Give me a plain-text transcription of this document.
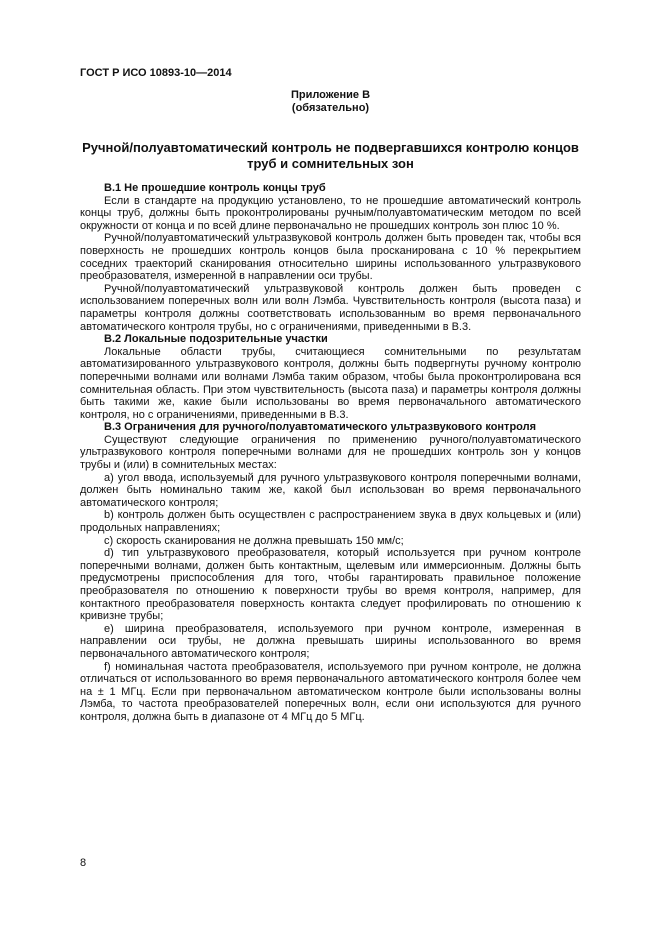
ГОСТ Р ИСО 10893-10—2014
Приложение В
(обязательно)
Ручной/полуавтоматический контроль не подвергавшихся контролю концов труб и сомнительных зон
В.1 Не прошедшие контроль концы труб

Если в стандарте на продукцию установлено, то не прошедшие автоматический контроль концы труб, должны быть проконтролированы ручным/полуавтоматическим методом по всей окружности от конца и по всей длине первоначально не прошедших контроль зон плюс 10 %.

Ручной/полуавтоматический ультразвуковой контроль должен быть проведен так, чтобы вся поверхность не прошедших контроль концов была просканирована с 10 % перекрытием соседних траекторий сканирования относительно ширины использованного ультразвукового преобразователя, измеренной в направлении оси трубы.

Ручной/полуавтоматический ультразвуковой контроль должен быть проведен с использованием поперечных волн или волн Лэмба. Чувствительность контроля (высота паза) и параметры контроля должны соответствовать использованным во время первоначального автоматического контроля трубы, но с ограничениями, приведенными в В.3.

В.2 Локальные подозрительные участки

Локальные области трубы, считающиеся сомнительными по результатам автоматизированного ультразвукового контроля, должны быть подвергнуты ручному контролю поперечными волнами или волнами Лэмба таким образом, чтобы была проконтролирована вся сомнительная область. При этом чувствительность (высота паза) и параметры контроля должны быть такими же, какие были использованы во время первоначального автоматического контроля, но с ограничениями, приведенными в В.3.

В.3 Ограничения для ручного/полуавтоматического ультразвукового контроля

Существуют следующие ограничения по применению ручного/полуавтоматического ультразвукового контроля поперечными волнами для не прошедших контроль зон у концов трубы и (или) в сомнительных местах:

a) угол ввода, используемый для ручного ультразвукового контроля поперечными волнами, должен быть номинально таким же, какой был использован во время первоначального автоматического контроля;

b) контроль должен быть осуществлен с распространением звука в двух кольцевых и (или) продольных направлениях;

c) скорость сканирования не должна превышать 150 мм/с;

d) тип ультразвукового преобразователя, который используется при ручном контроле поперечными волнами, должен быть контактным, щелевым или иммерсионным. Должны быть предусмотрены приспособления для того, чтобы гарантировать правильное положение преобразователя по отношению к поверхности трубы во время контроля, например, для контактного преобразователя поверхность контакта следует профилировать по отношению к кривизне трубы;

e) ширина преобразователя, используемого при ручном контроле, измеренная в направлении оси трубы, не должна превышать ширины использованного во время первоначального автоматического контроля;

f) номинальная частота преобразователя, используемого при ручном контроле, не должна отличаться от использованного во время первоначального автоматического контроля более чем на ± 1 МГц. Если при первоначальном автоматическом контроле были использованы волны Лэмба, то частота преобразователей поперечных волн, если они используются для ручного контроля, должна быть в диапазоне от 4 МГц до 5 МГц.

8
